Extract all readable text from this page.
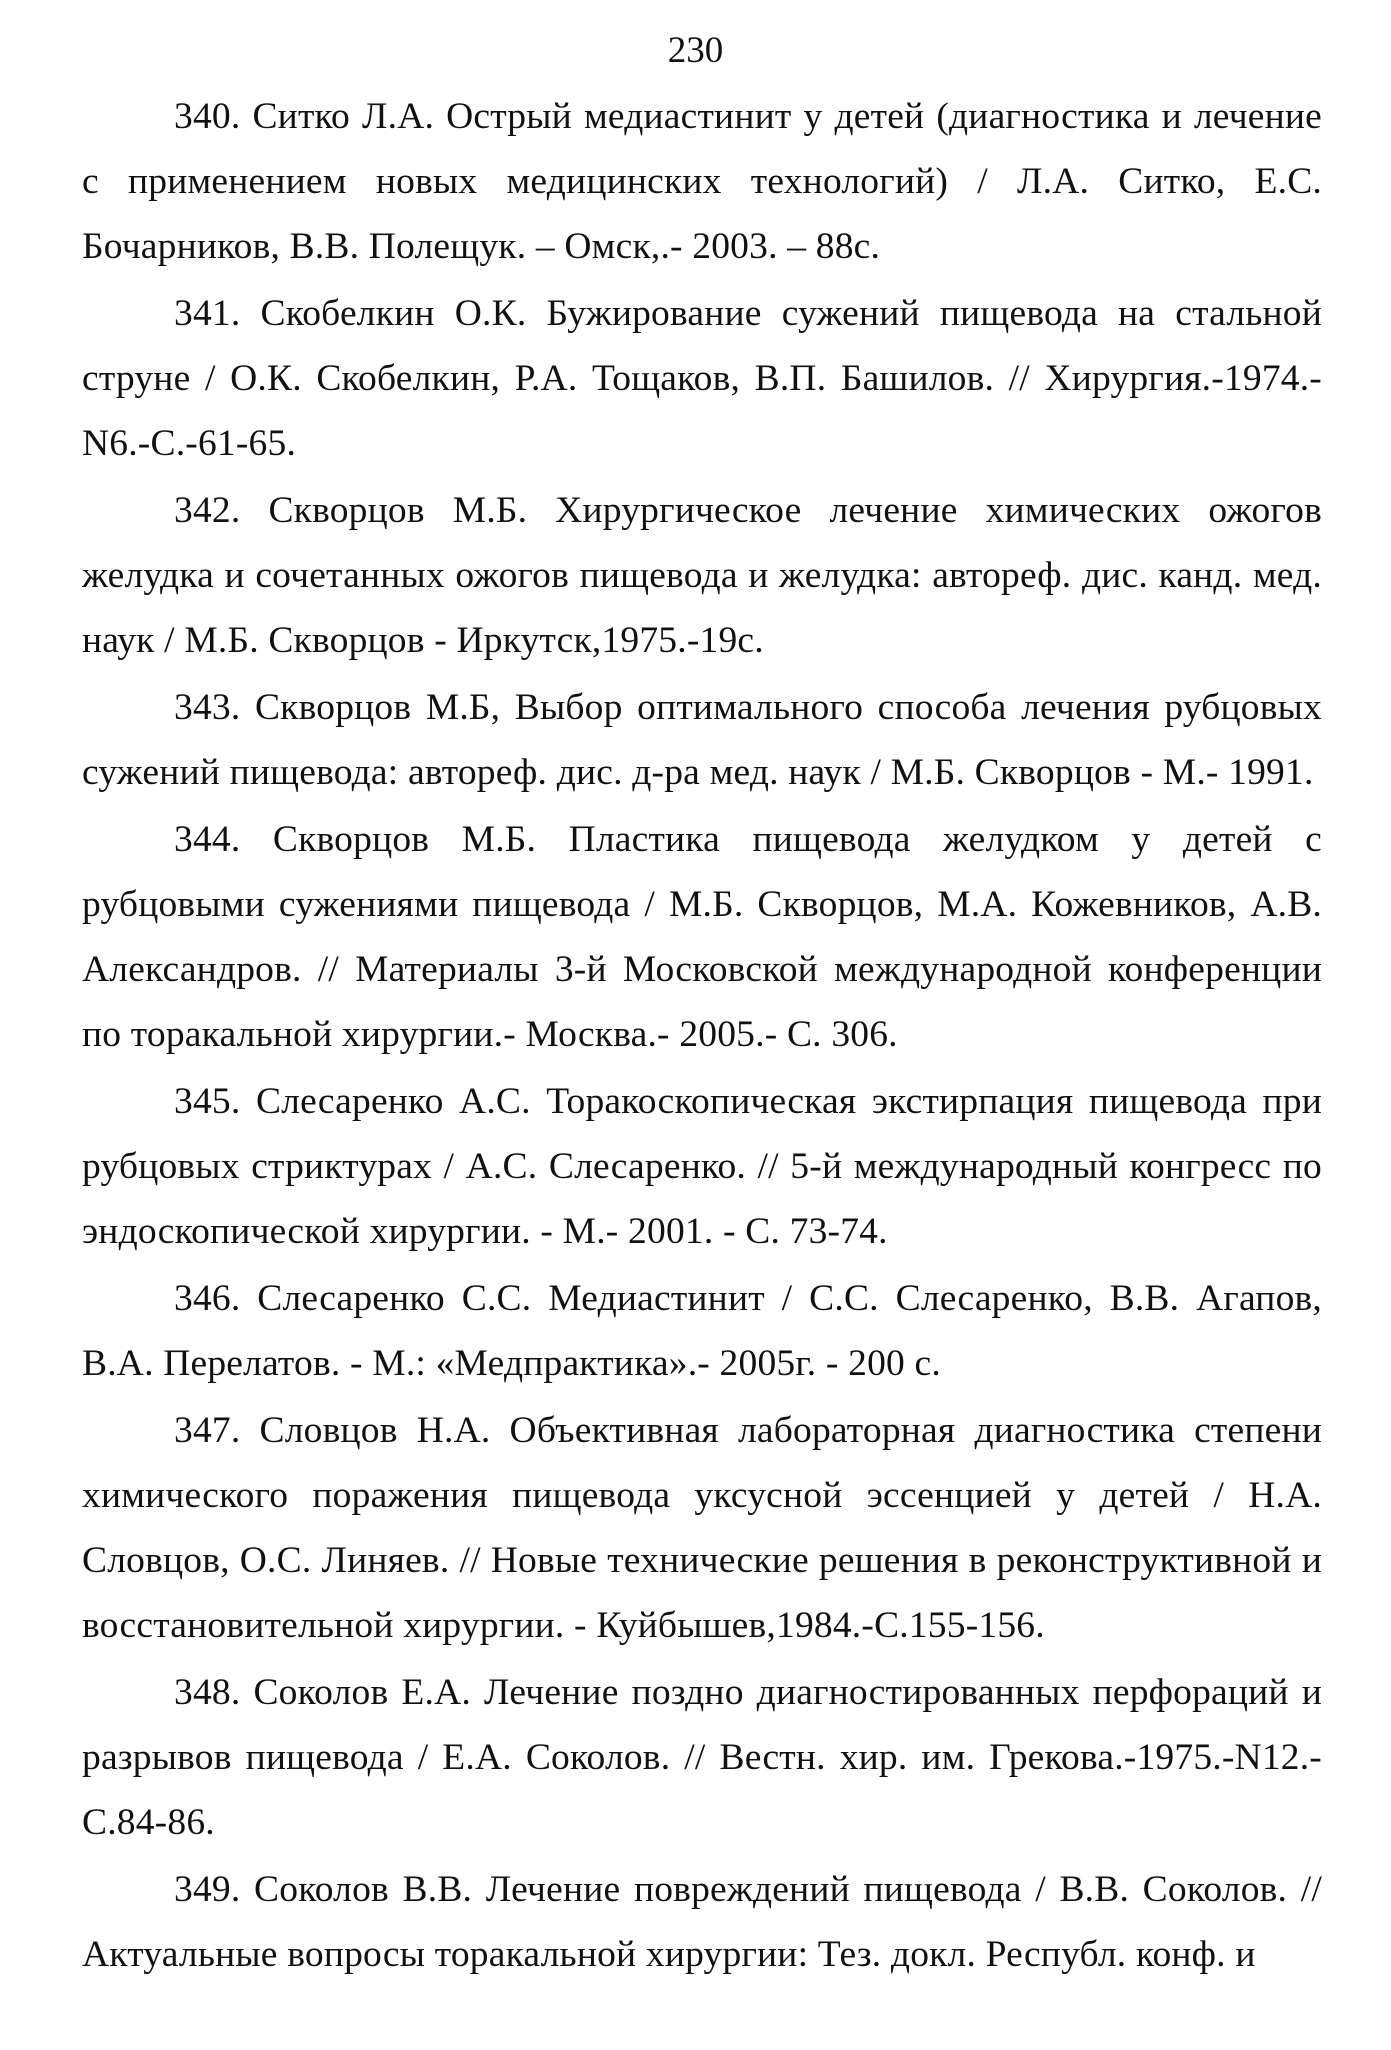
230

340. Ситко Л.А. Острый медиастинит у детей (диагностика и лечение с применением новых медицинских технологий) / Л.А. Ситко, Е.С. Бочарников, В.В. Полещук. – Омск,.- 2003. – 88с.

341. Скобелкин О.К. Бужирование сужений пищевода на стальной струне / О.К. Скобелкин, Р.А. Тощаков, В.П. Башилов. // Хирургия.-1974.- N6.-С.-61-65.

342. Скворцов М.Б. Хирургическое лечение химических ожогов желудка и сочетанных ожогов пищевода и желудка: автореф. дис. канд. мед. наук / М.Б. Скворцов - Иркутск,1975.-19с.

343. Скворцов М.Б, Выбор оптимального способа лечения рубцовых сужений пищевода: автореф. дис. д-ра мед. наук / М.Б. Скворцов - М.- 1991.

344. Скворцов М.Б. Пластика пищевода желудком у детей с рубцовыми сужениями пищевода / М.Б. Скворцов, М.А. Кожевников, А.В. Александров. // Материалы 3-й Московской международной конференции по торакальной хирургии.- Москва.- 2005.- С. 306.

345. Слесаренко А.С. Торакоскопическая экстирпация пищевода при рубцовых стриктурах / А.С. Слесаренко. // 5-й международный конгресс по эндоскопической хирургии. - М.- 2001. - С. 73-74.

346. Слесаренко С.С. Медиастинит / С.С. Слесаренко, В.В. Агапов, В.А. Перелатов. - М.: «Медпрактика».- 2005г. - 200 с.

347. Словцов Н.А. Объективная лабораторная диагностика степени химического поражения пищевода уксусной эссенцией у детей / Н.А. Словцов, О.С. Линяев. // Новые технические решения в реконструктивной и восстановительной хирургии. - Куйбышев,1984.-С.155-156.

348. Соколов Е.А. Лечение поздно диагностированных перфораций и разрывов пищевода / Е.А. Соколов. // Вестн. хир. им. Грекова.-1975.-N12.- С.84-86.

349. Соколов В.В. Лечение повреждений пищевода / В.В. Соколов. // Актуальные вопросы торакальной хирургии: Тез. докл. Республ. конф. и
